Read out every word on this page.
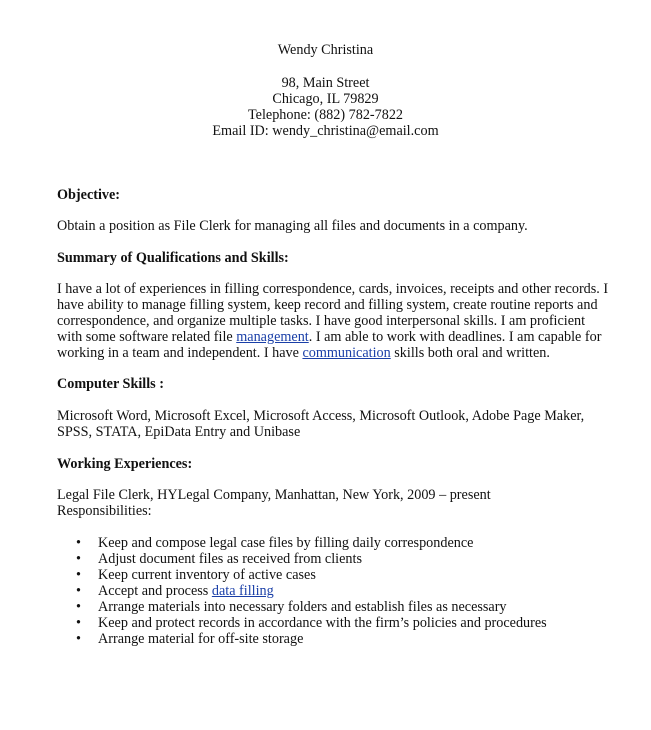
Wendy Christina
98, Main Street
Chicago, IL 79829
Telephone: (882) 782-7822
Email ID: wendy_christina@email.com
Objective:
Obtain a position as File Clerk for managing all files and documents in a company.
Summary of Qualifications and Skills:
I have a lot of experiences in filling correspondence, cards, invoices, receipts and other records. I
have ability to manage filling system, keep record and filling system, create routine reports and
correspondence, and organize multiple tasks. I have good interpersonal skills. I am proficient
with some software related file management. I am able to work with deadlines. I am capable for
working in a team and independent. I have communication skills both oral and written.
Computer Skills :
Microsoft Word, Microsoft Excel, Microsoft Access, Microsoft Outlook, Adobe Page Maker,
SPSS, STATA, EpiData Entry and Unibase
Working Experiences:
Legal File Clerk, HYLegal Company, Manhattan, New York, 2009 – present
Responsibilities:
• Keep and compose legal case files by filling daily correspondence
• Adjust document files as received from clients
• Keep current inventory of active cases
• Accept and process data filling
• Arrange materials into necessary folders and establish files as necessary
• Keep and protect records in accordance with the firm’s policies and procedures
• Arrange material for off-site storage
